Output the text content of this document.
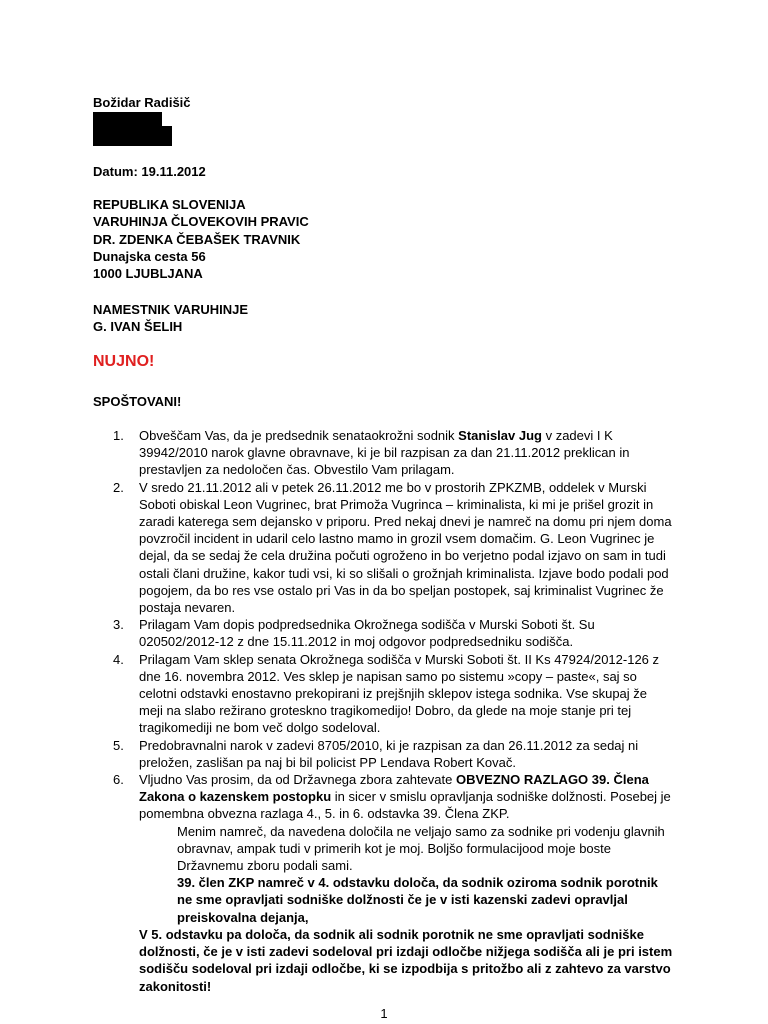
Božidar Radišič
Datum: 19.11.2012
REPUBLIKA SLOVENIJA
VARUHINJA ČLOVEKOVIH PRAVIC
DR. ZDENKA ČEBAŠEK TRAVNIK
Dunajska cesta 56
1000 LJUBLJANA
NAMESTNIK VARUHINJE
G. IVAN ŠELIH
NUJNO!
SPOŠTOVANI!
1. Obveščam Vas, da je predsednik senataokrožni sodnik Stanislav Jug v zadevi I K 39942/2010 narok glavne obravnave, ki je bil razpisan za dan 21.11.2012 preklican in prestavljen za nedoločen čas. Obvestilo Vam prilagam.

2. V sredo 21.11.2012 ali v petek 26.11.2012 me bo v prostorih ZPKZMB, oddelek v Murski Soboti obiskal Leon Vugrinec, brat Primoža Vugrinca – kriminalista, ki mi je prišel grozit in zaradi katerega sem dejansko v priporu. Pred nekaj dnevi je namreč na domu pri njem doma povzročil incident in udaril celo lastno mamo in grozil vsem domačim. G. Leon Vugrinec je dejal, da se sedaj že cela družina počuti ogroženo in bo verjetno podal izjavo on sam in tudi ostali člani družine, kakor tudi vsi, ki so slišali o grožnjah kriminalista. Izjave bodo podali pod pogojem, da bo res vse ostalo pri Vas in da bo speljan postopek, saj kriminalist Vugrinec že postaja nevaren.

3. Prilagam Vam dopis podpredsednika Okrožnega sodišča v Murski Soboti št. Su 020502/2012-12 z dne 15.11.2012 in moj odgovor podpredsedniku sodišča.

4. Prilagam Vam sklep senata Okrožnega sodišča v Murski Soboti št. II Ks 47924/2012-126 z dne 16. novembra 2012. Ves sklep je napisan samo po sistemu »copy – paste«, saj so celotni odstavki enostavno prekopirani iz prejšnjih sklepov istega sodnika. Vse skupaj že meji na slabo režirano groteskno tragikomedijo! Dobro, da glede na moje stanje pri tej tragikomediji ne bom več dolgo sodeloval.

5. Predobravnalni narok v zadevi 8705/2010, ki je razpisan za dan 26.11.2012 za sedaj ni preložen, zaslišan pa naj bi bil policist PP Lendava Robert Kovač.

6. Vljudno Vas prosim, da od Državnega zbora zahtevate OBVEZNO RAZLAGO 39. Člena Zakona o kazenskem postopku in sicer v smislu opravljanja sodniške dolžnosti. Posebej je pomembna obvezna razlaga 4., 5. in 6. odstavka 39. Člena ZKP.

Menim namreč, da navedena določila ne veljajo samo za sodnike pri vodenju glavnih obravnav, ampak tudi v primerih kot je moj. Boljšo formulacijood moje boste Državnemu zboru podali sami.

39. člen ZKP namreč v 4. odstavku določa, da sodnik oziroma sodnik porotnik ne sme opravljati sodniške dolžnosti če je v isti kazenski zadevi opravljal preiskovalna dejanja,

V 5. odstavku pa določa, da sodnik ali sodnik porotnik ne sme opravljati sodniške dolžnosti, če je v isti zadevi sodeloval pri izdaji odločbe nižjega sodišča ali je pri istem sodišču sodeloval pri izdaji odločbe, ki se izpodbija s pritožbo ali z zahtevo za varstvo zakonitosti!

1
